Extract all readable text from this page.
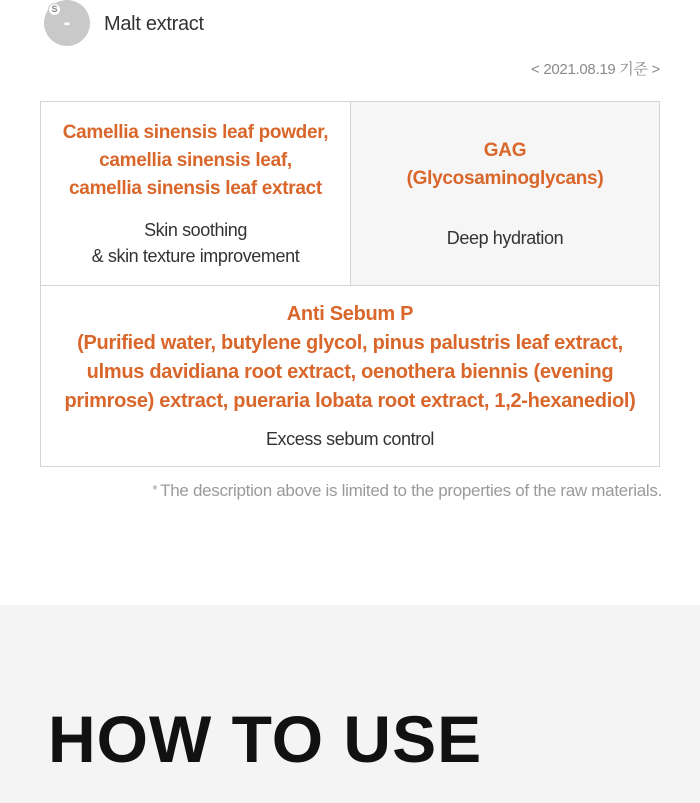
S
-	Malt extract
< 2021.08.19 기준 >
Camellia sinensis leaf powder,
camellia sinensis leaf,
camellia sinensis leaf extract
Skin soothing
& skin texture improvement
GAG
(Glycosaminoglycans)
Deep hydration
Anti Sebum P
(Purified water, butylene glycol, pinus palustris leaf extract,
ulmus davidiana root extract, oenothera biennis (evening
primrose) extract, pueraria lobata root extract, 1,2-hexanediol)
Excess sebum control
* The description above is limited to the properties of the raw materials.
HOW TO USE
